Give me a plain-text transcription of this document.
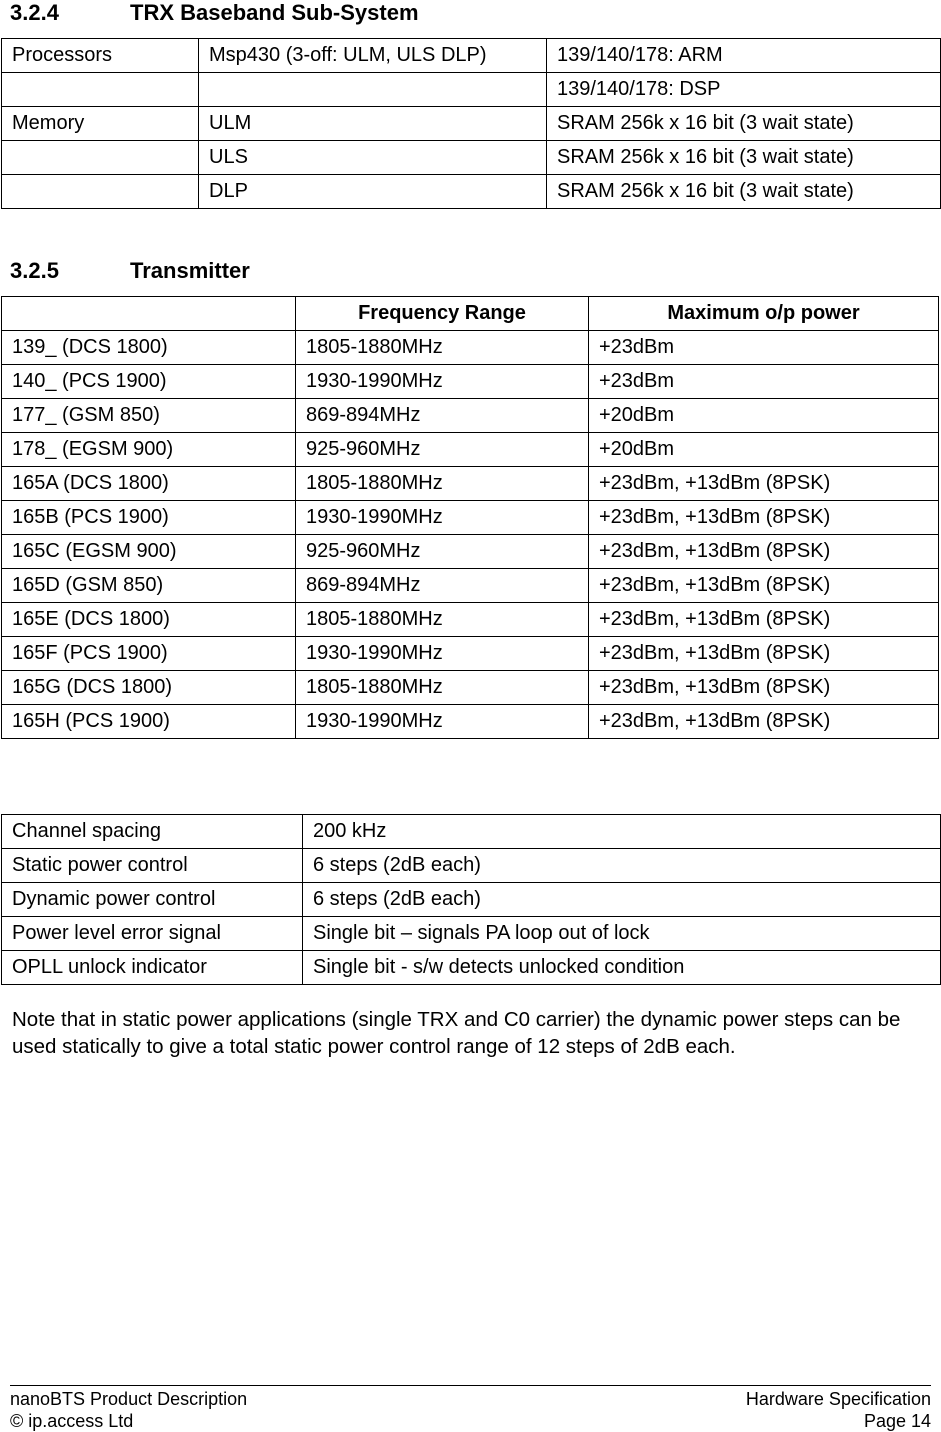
3.2.4	TRX Baseband Sub-System
Processors	Msp430 (3-off: ULM, ULS DLP)	139/140/178: ARM
		139/140/178: DSP
Memory	ULM	SRAM 256k x 16 bit (3 wait state)
	ULS	SRAM 256k x 16 bit (3 wait state)
	DLP	SRAM 256k x 16 bit (3 wait state)
3.2.5	Transmitter
	Frequency Range	Maximum o/p power
139_ (DCS 1800)	1805-1880MHz	+23dBm
140_ (PCS 1900)	1930-1990MHz	+23dBm
177_ (GSM 850)	869-894MHz	+20dBm
178_ (EGSM 900)	925-960MHz	+20dBm
165A (DCS 1800)	1805-1880MHz	+23dBm, +13dBm (8PSK)
165B (PCS 1900)	1930-1990MHz	+23dBm, +13dBm (8PSK)
165C (EGSM 900)	925-960MHz	+23dBm, +13dBm (8PSK)
165D (GSM 850)	869-894MHz	+23dBm, +13dBm (8PSK)
165E (DCS 1800)	1805-1880MHz	+23dBm, +13dBm (8PSK)
165F (PCS 1900)	1930-1990MHz	+23dBm, +13dBm (8PSK)
165G (DCS 1800)	1805-1880MHz	+23dBm, +13dBm (8PSK)
165H (PCS 1900)	1930-1990MHz	+23dBm, +13dBm (8PSK)
Channel spacing	200 kHz
Static power control	6 steps (2dB each)
Dynamic power control	6 steps (2dB each)
Power level error signal	Single bit – signals PA loop out of lock
OPLL unlock indicator	Single bit - s/w detects unlocked condition

Note that in static power applications (single TRX and C0 carrier) the dynamic power steps can be used statically to give a total static power control range of 12 steps of 2dB each.

nanoBTS Product Description	Hardware Specification
© ip.access Ltd	Page 14
